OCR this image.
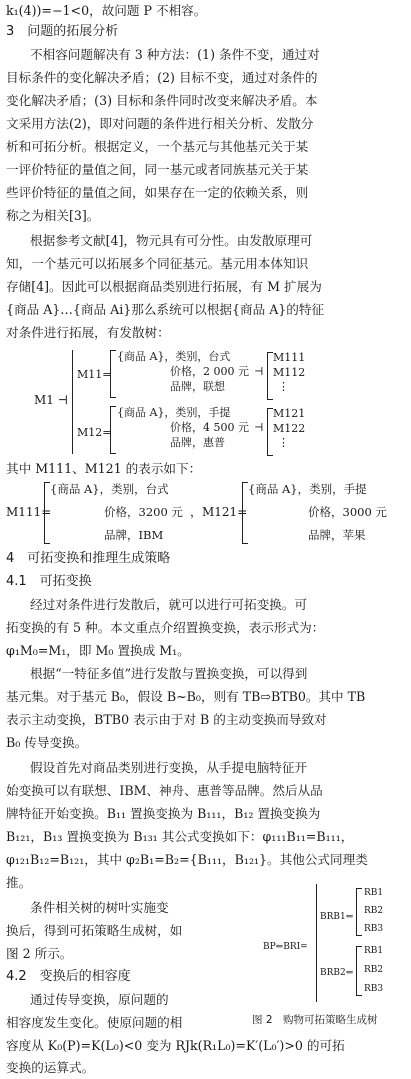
k₁(4))=−1<0，故问题 P 不相容。
3　问题的拓展分析
不相容问题解决有 3 种方法：(1) 条件不变，通过对
目标条件的变化解决矛盾；(2) 目标不变，通过对条件的
变化解决矛盾；(3) 目标和条件同时改变来解决矛盾。本
文采用方法(2)，即对问题的条件进行相关分析、发散分
析和可拓分析。根据定义，一个基元与其他基元关于某
一评价特征的量值之间，同一基元或者同族基元关于某
些评价特征的量值之间，如果存在一定的依赖关系，则
称之为相关[3]。
根据参考文献[4]，物元具有可分性。由发散原理可
知，一个基元可以拓展多个同征基元。基元用本体知识
存储[4]。因此可以根据商品类别进行拓展，有 M 扩展为
{商品 A}…{商品 Ai}那么系统可以根据{商品 A}的特征
对条件进行拓展，有发散树：
M1 ⊣
M11=
M12=
{商品 A}，类别，台式
价格，2 000 元
品牌，联想
⊣
M111
M112
⋮
{商品 A}，类别，手提
价格，4 500 元
品牌，惠普
⊣
M121
M122
⋮
其中 M111、M121 的表示如下：
M111=
{商品 A}，类别，台式
价格，3200 元
品牌，IBM
，M121=
{商品 A}，类别，手提
价格，3000 元
品牌，苹果
4　可拓变换和推理生成策略
4.1　可拓变换
经过对条件进行发散后，就可以进行可拓变换。可
拓变换的有 5 种。本文重点介绍置换变换，表示形式为：
φ₁M₀=M₁，即 M₀ 置换成 M₁。
根据“一特征多值”进行发散与置换变换，可以得到
基元集。对于基元 B₀，假设 B~B₀，则有 TB⇨BTB0。其中 TB
表示主动变换，BTB0 表示由于对 B 的主动变换而导致对
B₀ 传导变换。
假设首先对商品类别进行变换，从手提电脑特征开
始变换可以有联想、IBM、神舟、惠普等品牌。然后从品
牌特征开始变换。B₁₁ 置换变换为 B₁₁₁，B₁₂ 置换变换为
B₁₂₁，B₁₃ 置换变换为 B₁₃₁ 其公式变换如下：φ₁₁₁B₁₁=B₁₁₁，
φ₁₂₁B₁₂=B₁₂₁，其中 φ₂B₁=B₂={B₁₁₁，B₁₂₁}。其他公式同理类
推。
条件相关树的树叶实施变
换后，得到可拓策略生成树，如
图 2 所示。
4.2　变换后的相容度
通过传导变换，原问题的
相容度发生变化。使原问题的相
容度从 K₀(P)=K(L₀)<0 变为 RJk(R₁L₀)=K′(L₀′)>0 的可拓
变换的运算式。
BP⇐BRI=
BRB1⇐
RB1
RB2
RB3
BRB2⇐
RB1
RB2
RB3
图 2　购物可拓策略生成树
